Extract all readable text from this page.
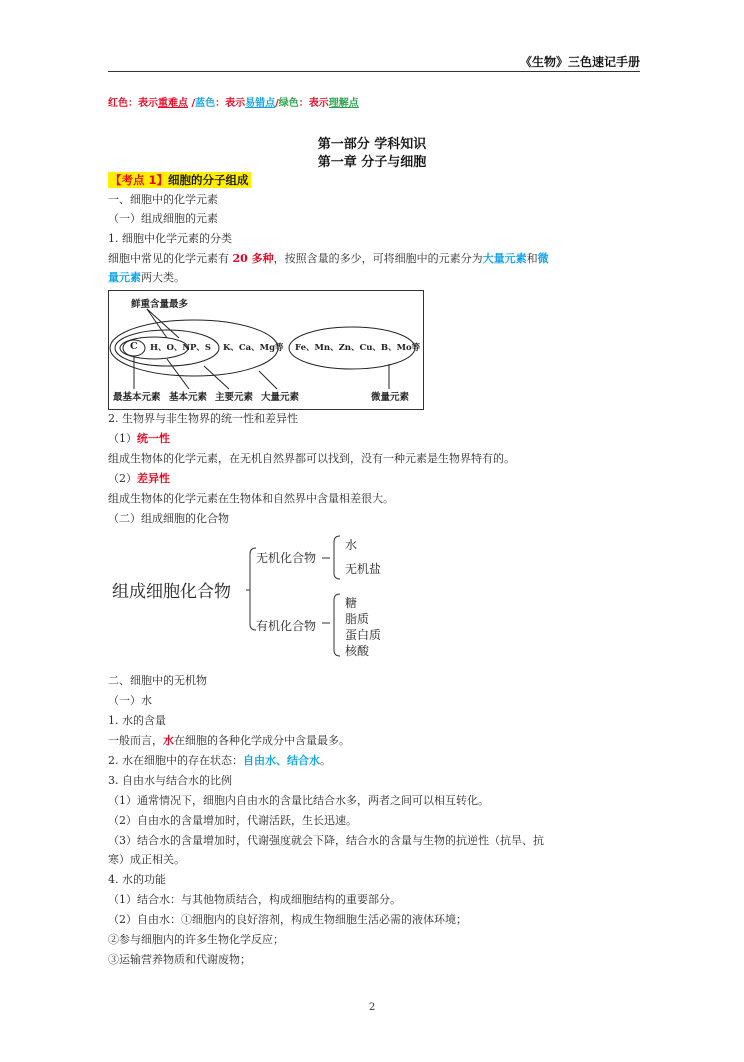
《生物》三色速记手册
红色：表示重难点 /蓝色：表示易错点/绿色：表示理解点
第一部分 学科知识
第一章 分子与细胞
【考点 1】细胞的分子组成
一、细胞中的化学元素
（一）组成细胞的元素
1. 细胞中化学元素的分类
细胞中常见的化学元素有 20 多种，按照含量的多少，可将细胞中的元素分为大量元素和微
量元素两大类。
鲜重含量最多
C H、O、N P、S K、Ca、Mg等 Fe、Mn、Zn、Cu、B、Mo等
最基本元素 基本元素 主要元素 大量元素	微量元素
2. 生物界与非生物界的统一性和差异性
（1）统一性
组成生物体的化学元素，在无机自然界都可以找到，没有一种元素是生物界特有的。
（2）差异性
组成生物体的化学元素在生物体和自然界中含量相差很大。
（二）组成细胞的化合物
组成细胞化合物
无机化合物
水
无机盐
有机化合物
糖
脂质
蛋白质
核酸
二、细胞中的无机物
（一）水
1. 水的含量
一般而言，水在细胞的各种化学成分中含量最多。
2. 水在细胞中的存在状态：自由水、结合水。
3. 自由水与结合水的比例
（1）通常情况下，细胞内自由水的含量比结合水多，两者之间可以相互转化。
（2）自由水的含量增加时，代谢活跃，生长迅速。
（3）结合水的含量增加时，代谢强度就会下降，结合水的含量与生物的抗逆性（抗旱、抗
寒）成正相关。
4. 水的功能
（1）结合水：与其他物质结合，构成细胞结构的重要部分。
（2）自由水：①细胞内的良好溶剂，构成生物细胞生活必需的液体环境；
②参与细胞内的许多生物化学反应；
③运输营养物质和代谢废物；
2
